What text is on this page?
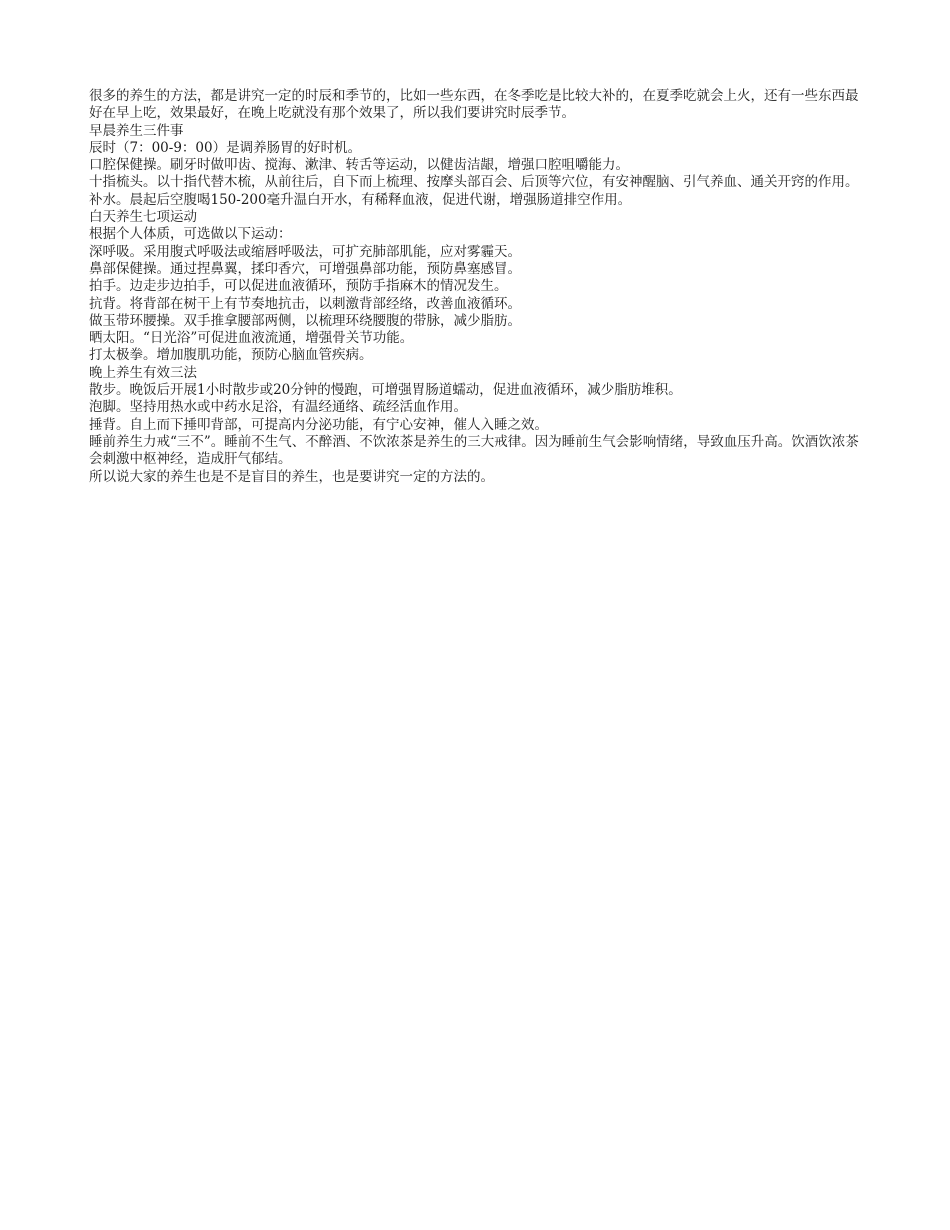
很多的养生的方法，都是讲究一定的时辰和季节的，比如一些东西，在冬季吃是比较大补的，在夏季吃就会上火，还有一些东西最好在早上吃，效果最好，在晚上吃就没有那个效果了，所以我们要讲究时辰季节。

早晨养生三件事

辰时（7：00-9：00）是调养肠胃的好时机。

口腔保健操。刷牙时做叩齿、搅海、漱津、转舌等运动，以健齿洁龈，增强口腔咀嚼能力。

十指梳头。以十指代替木梳，从前往后，自下而上梳理、按摩头部百会、后顶等穴位，有安神醒脑、引气养血、通关开窍的作用。

补水。晨起后空腹喝150-200毫升温白开水，有稀释血液，促进代谢，增强肠道排空作用。

白天养生七项运动

根据个人体质，可选做以下运动：

深呼吸。采用腹式呼吸法或缩唇呼吸法，可扩充肺部肌能，应对雾霾天。

鼻部保健操。通过捏鼻翼，揉印香穴，可增强鼻部功能，预防鼻塞感冒。

拍手。边走步边拍手，可以促进血液循环，预防手指麻木的情况发生。

抗背。将背部在树干上有节奏地抗击，以刺激背部经络，改善血液循环。

做玉带环腰操。双手推拿腰部两侧，以梳理环绕腰腹的带脉，减少脂肪。

晒太阳。“日光浴”可促进血液流通，增强骨关节功能。

打太极拳。增加腹肌功能，预防心脑血管疾病。

晚上养生有效三法

散步。晚饭后开展1小时散步或20分钟的慢跑，可增强胃肠道蠕动，促进血液循环，减少脂肪堆积。

泡脚。坚持用热水或中药水足浴，有温经通络、疏经活血作用。

捶背。自上而下捶叩背部，可提高内分泌功能，有宁心安神，催人入睡之效。

睡前养生力戒“三不”。睡前不生气、不醉酒、不饮浓茶是养生的三大戒律。因为睡前生气会影响情绪，导致血压升高。饮酒饮浓茶会刺激中枢神经，造成肝气郁结。

所以说大家的养生也是不是盲目的养生，也是要讲究一定的方法的。
